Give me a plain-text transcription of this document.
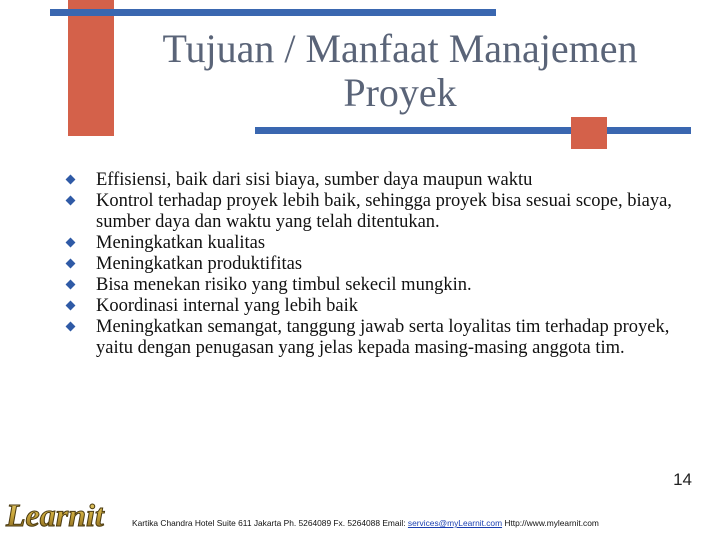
Tujuan / Manfaat Manajemen
Proyek
Effisiensi, baik dari sisi biaya, sumber daya maupun waktu
Kontrol terhadap proyek lebih baik, sehingga proyek bisa sesuai scope, biaya, sumber daya dan waktu yang telah ditentukan.
Meningkatkan kualitas
Meningkatkan produktifitas
Bisa menekan risiko yang timbul sekecil mungkin.
Koordinasi internal yang lebih baik
Meningkatkan semangat, tanggung jawab serta loyalitas tim terhadap proyek, yaitu dengan penugasan yang jelas kepada masing-masing anggota tim.
Learnit
14
Kartika Chandra Hotel Suite 611 Jakarta Ph. 5264089 Fx. 5264088 Email: services@myLearnit.com Http://www.mylearnit.com
